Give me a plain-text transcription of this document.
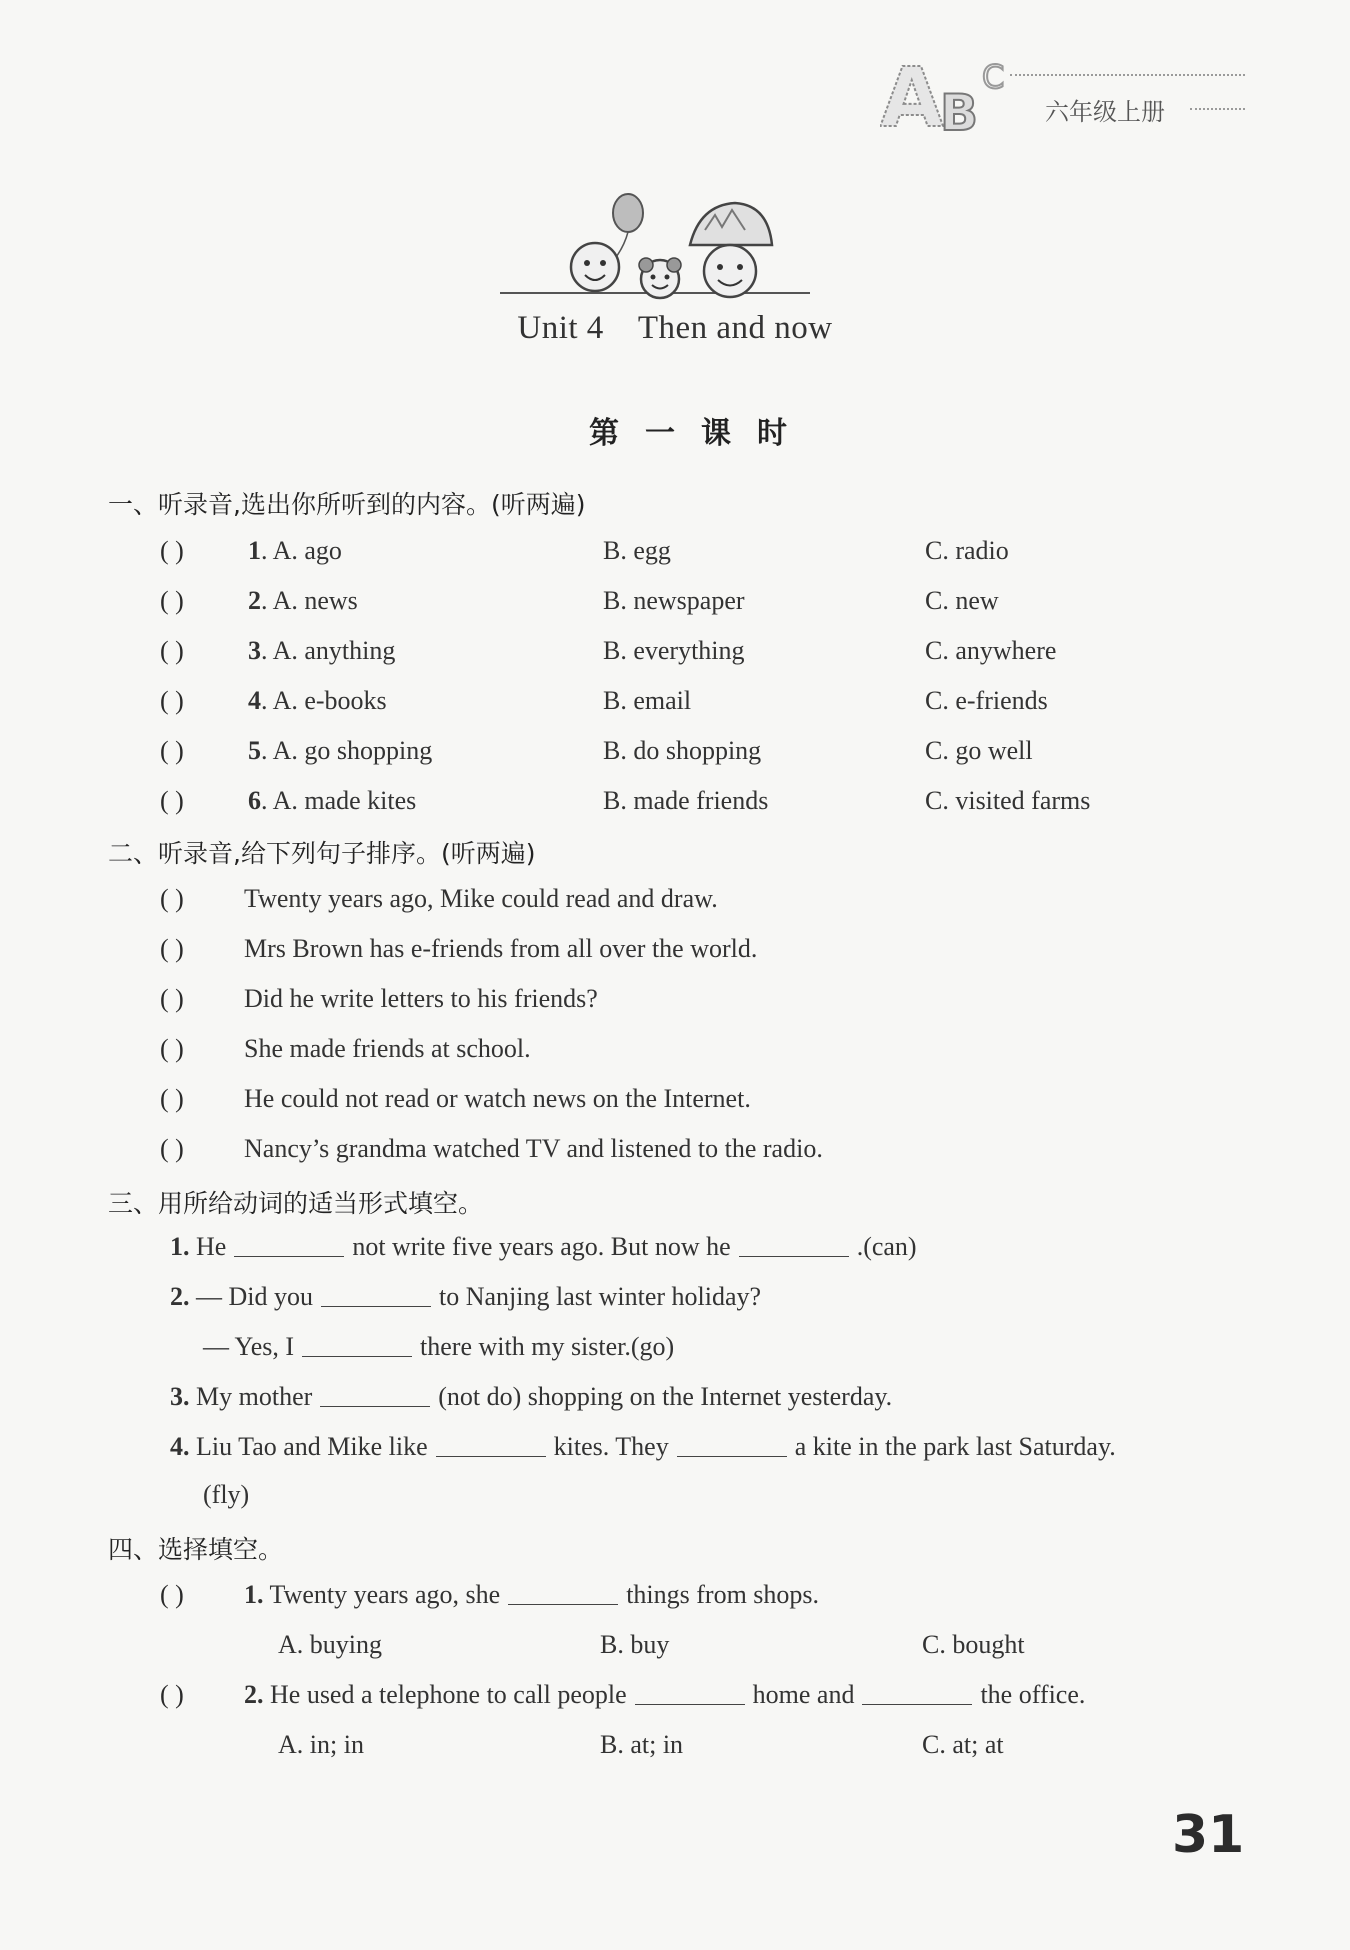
A
B
C
六年级上册
Unit 4 Then and now
第一课时
一、听录音,选出你所听到的内容。(听两遍)
( ) 1. A. ago	B. egg	C. radio
( ) 2. A. news	B. newspaper	C. new
( ) 3. A. anything	B. everything	C. anywhere
( ) 4. A. e-books	B. email	C. e-friends
( ) 5. A. go shopping	B. do shopping	C. go well
( ) 6. A. made kites	B. made friends	C. visited farms
二、听录音,给下列句子排序。(听两遍)
( ) Twenty years ago, Mike could read and draw.
( ) Mrs Brown has e-friends from all over the world.
( ) Did he write letters to his friends?
( ) She made friends at school.
( ) He could not read or watch news on the Internet.
( ) Nancy’s grandma watched TV and listened to the radio.
三、用所给动词的适当形式填空。
1. He	not write five years ago. But now he	.(can)
2. — Did you	to Nanjing last winter holiday?
— Yes, I	there with my sister.(go)
3. My mother	(not do) shopping on the Internet yesterday.
4. Liu Tao and Mike like	kites. They	a kite in the park last Saturday.
(fly)
四、选择填空。
( ) 1. Twenty years ago, she	things from shops.
A. buying	B. buy	C. bought
( ) 2. He used a telephone to call people	home and	the office.
A. in; in	B. at; in	C. at; at
31
